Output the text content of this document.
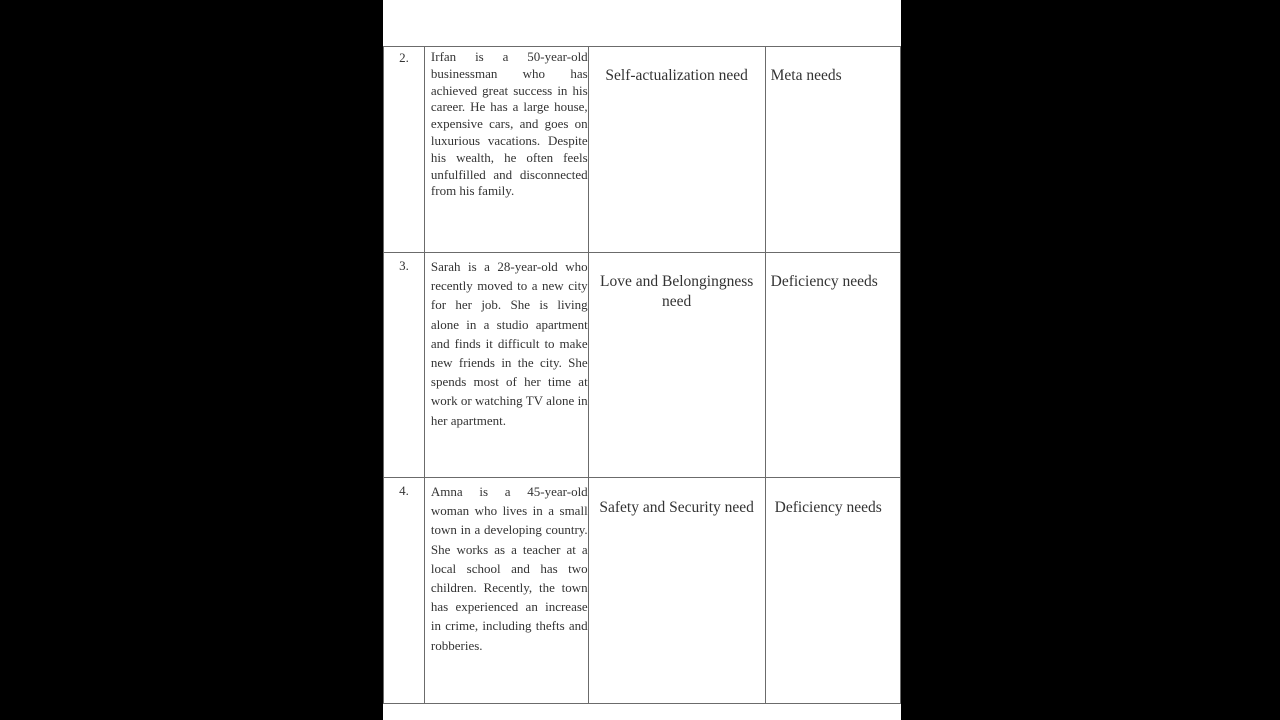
2.	Irfan is a 50-year-old businessman who has achieved great success in his career. He has a large house, expensive cars, and goes on luxurious vacations. Despite his wealth, he often feels unfulfilled and disconnected from his family.	Self-actualization need	Meta needs
3.	Sarah is a 28-year-old who recently moved to a new city for her job. She is living alone in a studio apartment and finds it difficult to make new friends in the city. She spends most of her time at work or watching TV alone in her apartment.	Love and Belongingness need	Deficiency needs
4.	Amna is a 45-year-old woman who lives in a small town in a developing country. She works as a teacher at a local school and has two children. Recently, the town has experienced an increase in crime, including thefts and robberies.	Safety and Security need	Deficiency needs
